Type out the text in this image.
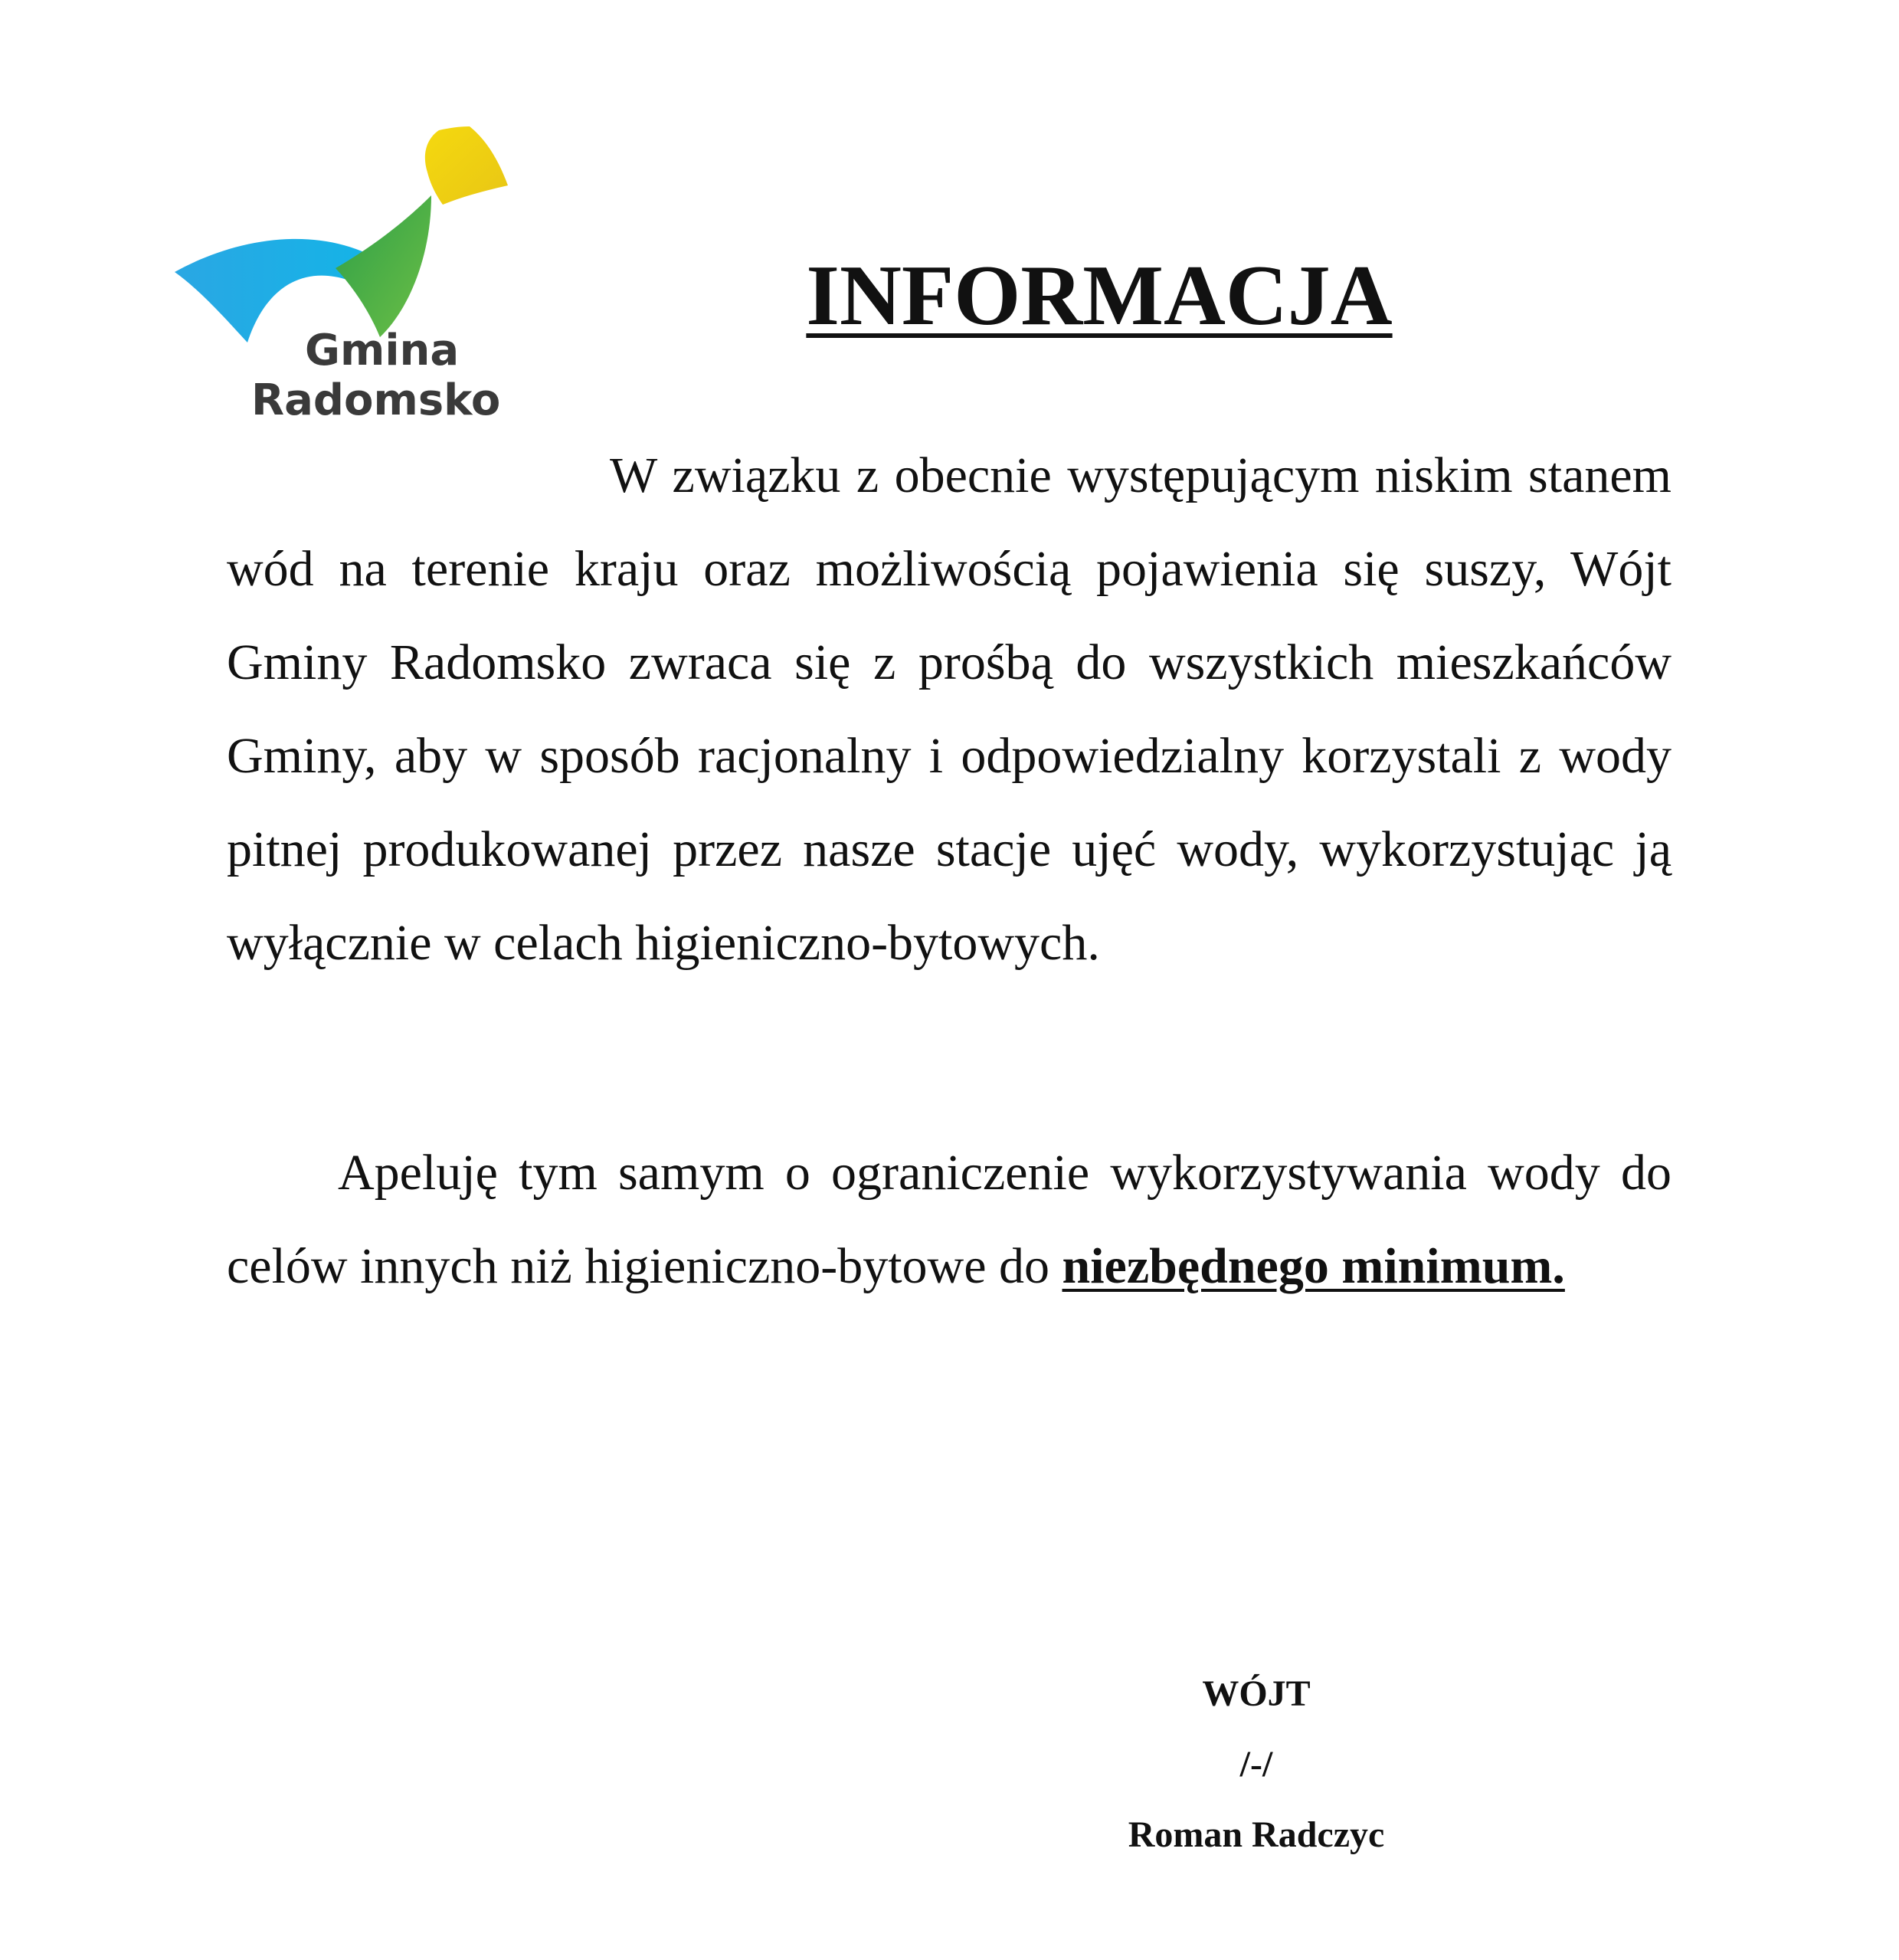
Gmina
Radomsko
INFORMACJA
W związku z obecnie występującym niskim stanem wód na terenie kraju oraz możliwością pojawienia się suszy, Wójt Gminy Radomsko zwraca się z prośbą do wszystkich mieszkańców Gminy, aby w sposób racjonalny i odpowiedzialny korzystali z wody pitnej produkowanej przez nasze stacje ujęć wody, wykorzystując ją wyłącznie w celach higieniczno-bytowych.
Apeluję tym samym o ograniczenie wykorzystywania wody do celów innych niż higieniczno-bytowe do niezbędnego minimum.
WÓJT
/-/
Roman Radczyc
